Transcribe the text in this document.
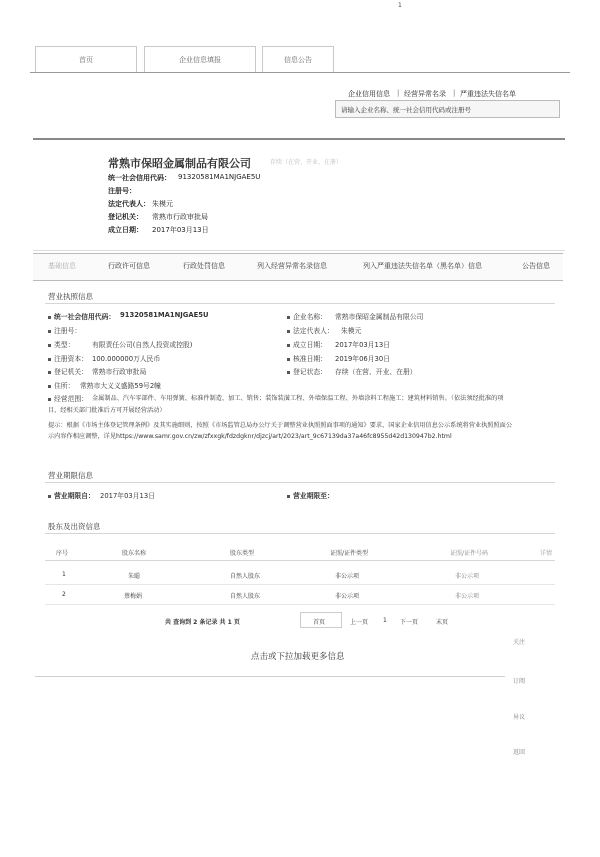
1
首页	企业信息填报	信息公告
企业信用信息 | 经营异常名录 | 严重违法失信名单
请输入企业名称、统一社会信用代码或注册号
常熟市保昭金属制品有限公司	存续（在营、开业、在册）
统一社会信用代码： 91320581MA1NJGAE5U
注册号：
法定代表人： 朱模元
登记机关： 常熟市行政审批局
成立日期： 2017年03月13日
基础信息	行政许可信息	行政处罚信息	列入经营异常名录信息	列入严重违法失信名单（黑名单）信息	公告信息
营业执照信息
统一社会信用代码： 91320581MA1NJGAE5U
注册号：
类型：	有限责任公司(自然人投资或控股)
注册资本： 100.000000万人民币
登记机关： 常熟市行政审批局
住所： 常熟市大义义盛路59号2幢
企业名称： 常熟市保昭金属制品有限公司
法定代表人： 朱模元
成立日期： 2017年03月13日
核准日期： 2019年06月30日
登记状态： 存续（在营、开业、在册）
经营范围： 金属制品、汽车零部件、车用弹簧、标准件制造、加工、销售；装饰装潢工程、外墙保温工程、外墙涂料工程施工；建筑材料销售。（依法须经批准的项
目，经相关部门批准后方可开展经营活动）
提示：根据《市场主体登记管理条例》及其实施细则，按照《市场监管总局办公厅关于调整营业执照照面事项的通知》要求，国家企业信用信息公示系统将营业执照照面公
示内容作相应调整，详见https://www.samr.gov.cn/zw/zfxxgk/fdzdgknr/djzcj/art/2023/art_9c67139da37a46fc8955d42d130947b2.html
营业期限信息
营业期限自： 2017年03月13日	营业期限至：
股东及出资信息
序号	股东名称	股东类型	证照/证件类型	证照/证件号码	详情
1	朱聪	自然人股东	非公示项	非公示项
2	蔡梅娟	自然人股东	非公示项	非公示项
共 查询到 2 条记录 共 1 页	首页	上一页 1 下一页	末页
点击或下拉加载更多信息
关注
订阅
异议
返回
